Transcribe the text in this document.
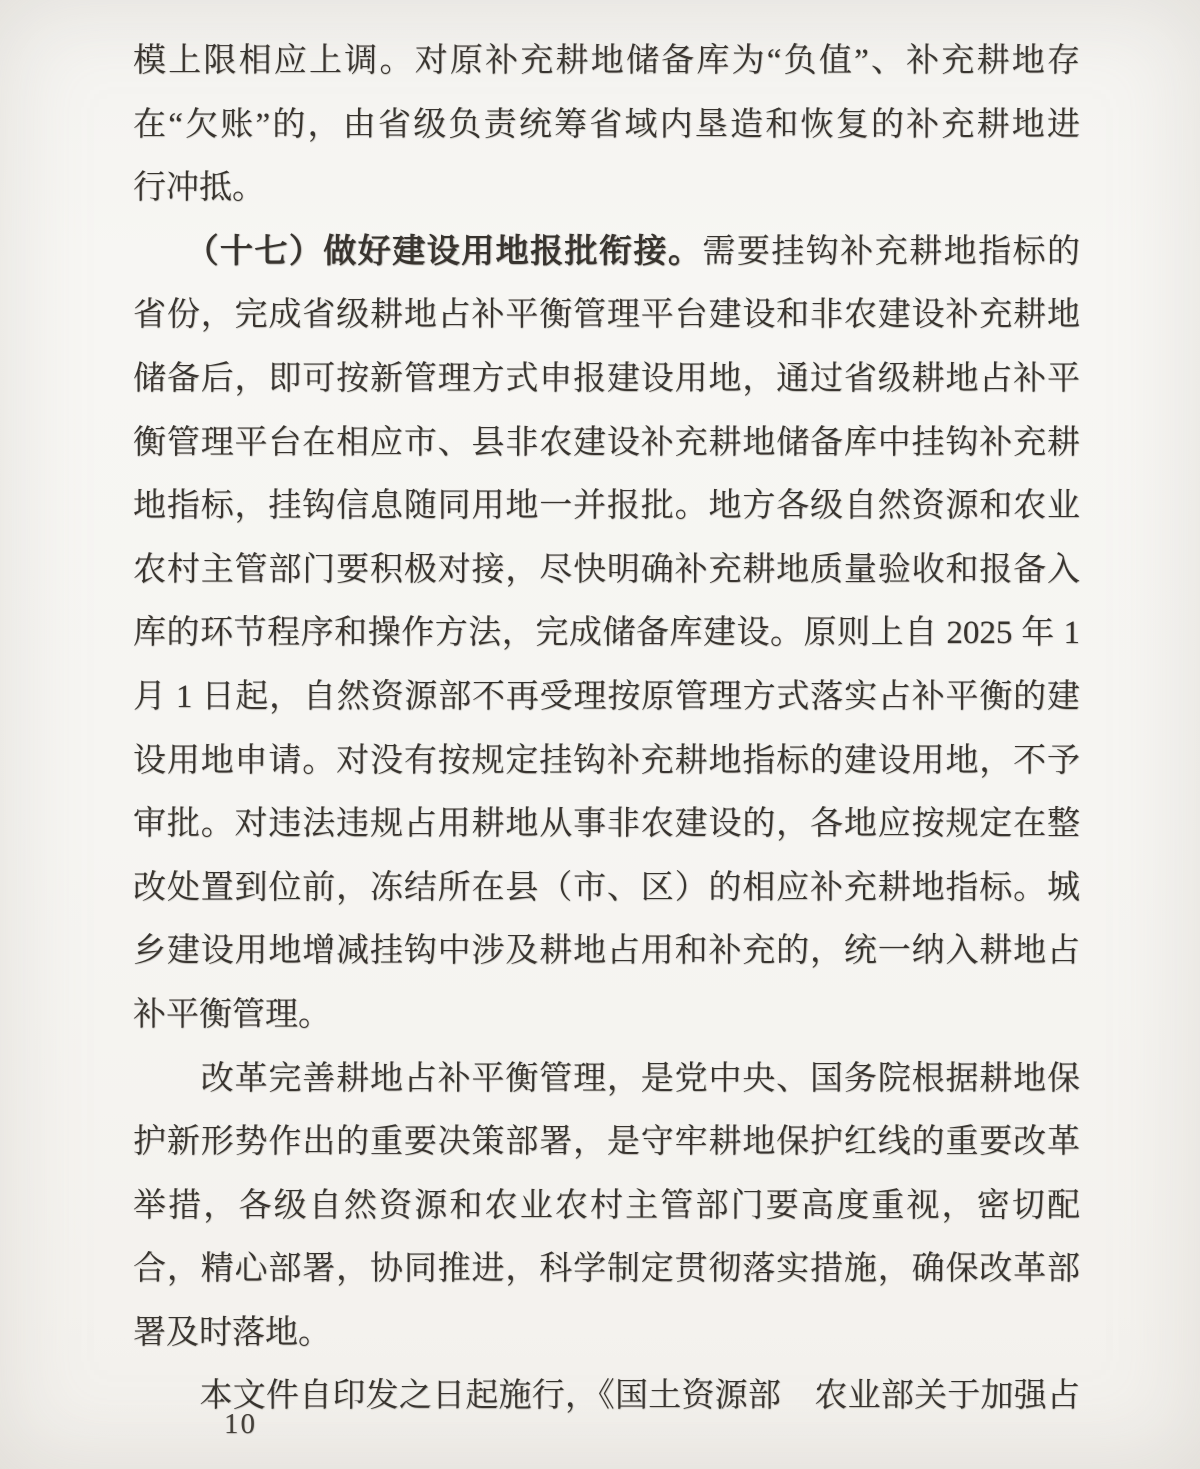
模上限相应上调。对原补充耕地储备库为“负值”、补充耕地存
在“欠账”的，由省级负责统筹省域内垦造和恢复的补充耕地进
行冲抵。
　　（十七）做好建设用地报批衔接。需要挂钩补充耕地指标的
省份，完成省级耕地占补平衡管理平台建设和非农建设补充耕地
储备后，即可按新管理方式申报建设用地，通过省级耕地占补平
衡管理平台在相应市、县非农建设补充耕地储备库中挂钩补充耕
地指标，挂钩信息随同用地一并报批。地方各级自然资源和农业
农村主管部门要积极对接，尽快明确补充耕地质量验收和报备入
库的环节程序和操作方法，完成储备库建设。原则上自 2025 年 1
月 1 日起，自然资源部不再受理按原管理方式落实占补平衡的建
设用地申请。对没有按规定挂钩补充耕地指标的建设用地，不予
审批。对违法违规占用耕地从事非农建设的，各地应按规定在整
改处置到位前，冻结所在县（市、区）的相应补充耕地指标。城
乡建设用地增减挂钩中涉及耕地占用和补充的，统一纳入耕地占
补平衡管理。
　　改革完善耕地占补平衡管理，是党中央、国务院根据耕地保
护新形势作出的重要决策部署，是守牢耕地保护红线的重要改革
举措，各级自然资源和农业农村主管部门要高度重视，密切配
合，精心部署，协同推进，科学制定贯彻落实措施，确保改革部
署及时落地。
　　本文件自印发之日起施行，《国土资源部　农业部关于加强占
10
